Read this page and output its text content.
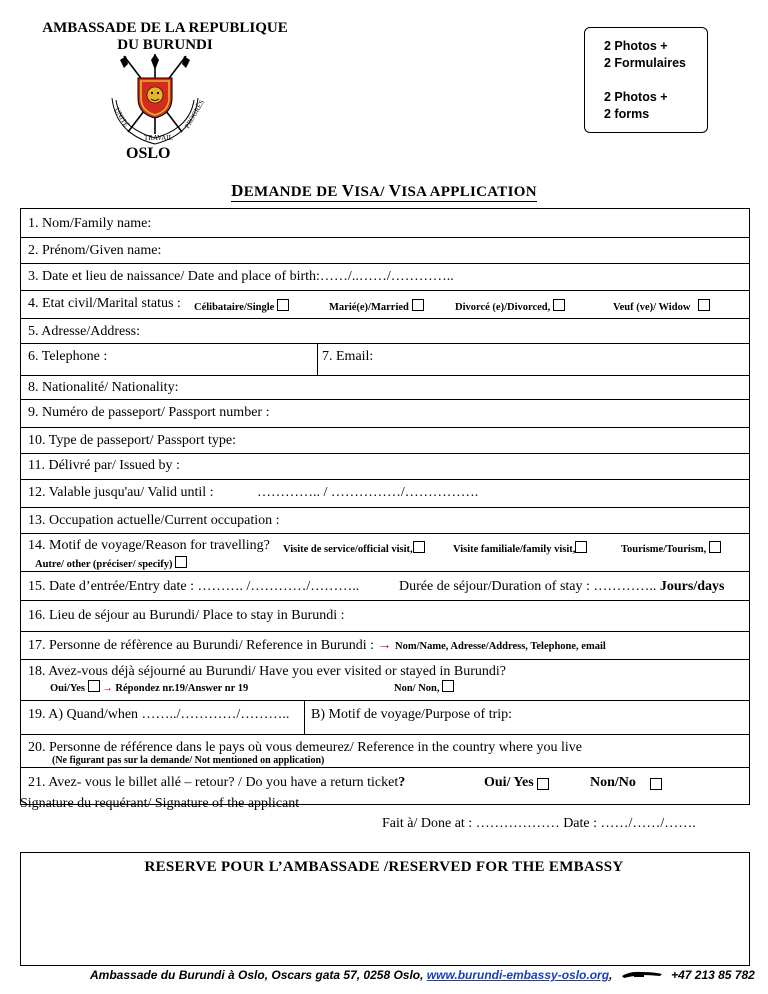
AMBASSADE DE LA REPUBLIQUE
DU BURUNDI
UNITÉ
TRAVAIL
PROGRÈS
OSLO
2 Photos +
2 Formulaires
2 Photos +
2 forms
DEMANDE DE VISA/ VISA APPLICATION
1. Nom/Family name:
2. Prénom/Given name:
3. Date et lieu de naissance/ Date and place of birth:……/..……/…………..
4. Etat civil/Marital status : Célibataire/Single	Marié(e)/Married	Divorcé (e)/Divorced,	Veuf (ve)/ Widow
5. Adresse/Address:
6. Telephone :	7. Email:
8. Nationalité/ Nationality:
9. Numéro de passeport/ Passport number :
10. Type de passeport/ Passport type:
11. Délivré par/ Issued by :
12. Valable jusqu'au/ Valid until :	………….. / ……………/…………….
13. Occupation actuelle/Current occupation :
14. Motif de voyage/Reason for travelling? Visite de service/official visit,	Visite familiale/family visit,	Tourisme/Tourism,
Autre/ other (préciser/ specify)
15. Date d’entrée/Entry date : ………. /…………/………..	Durée de séjour/Duration of stay : ………….. Jours/days
16. Lieu de séjour au Burundi/ Place to stay in Burundi :
17. Personne de réfèrence au Burundi/ Reference in Burundi : → Nom/Name, Adresse/Address, Telephone, email
18. Avez-vous déjà séjourné au Burundi/ Have you ever visited or stayed in Burundi?
Oui/Yes → Répondez nr.19/Answer nr 19	Non/ Non,
19. A) Quand/when ……../…………/……….. B) Motif de voyage/Purpose of trip:
20. Personne de référence dans le pays où vous demeurez/ Reference in the country where you live
(Ne figurant pas sur la demande/ Not mentioned on application)
21. Avez- vous le billet allé – retour? / Do you have a return ticket?	Oui/ Yes	Non/No
Signature du requérant/ Signature of the applicant
Fait à/ Done at : ……………… Date : ……/……/…….
RESERVE POUR L’AMBASSADE /RESERVED FOR THE EMBASSY
Ambassade du Burundi à Oslo, Oscars gata 57, 0258 Oslo, www.burundi-embassy-oslo.org,	+47 213 85 782
